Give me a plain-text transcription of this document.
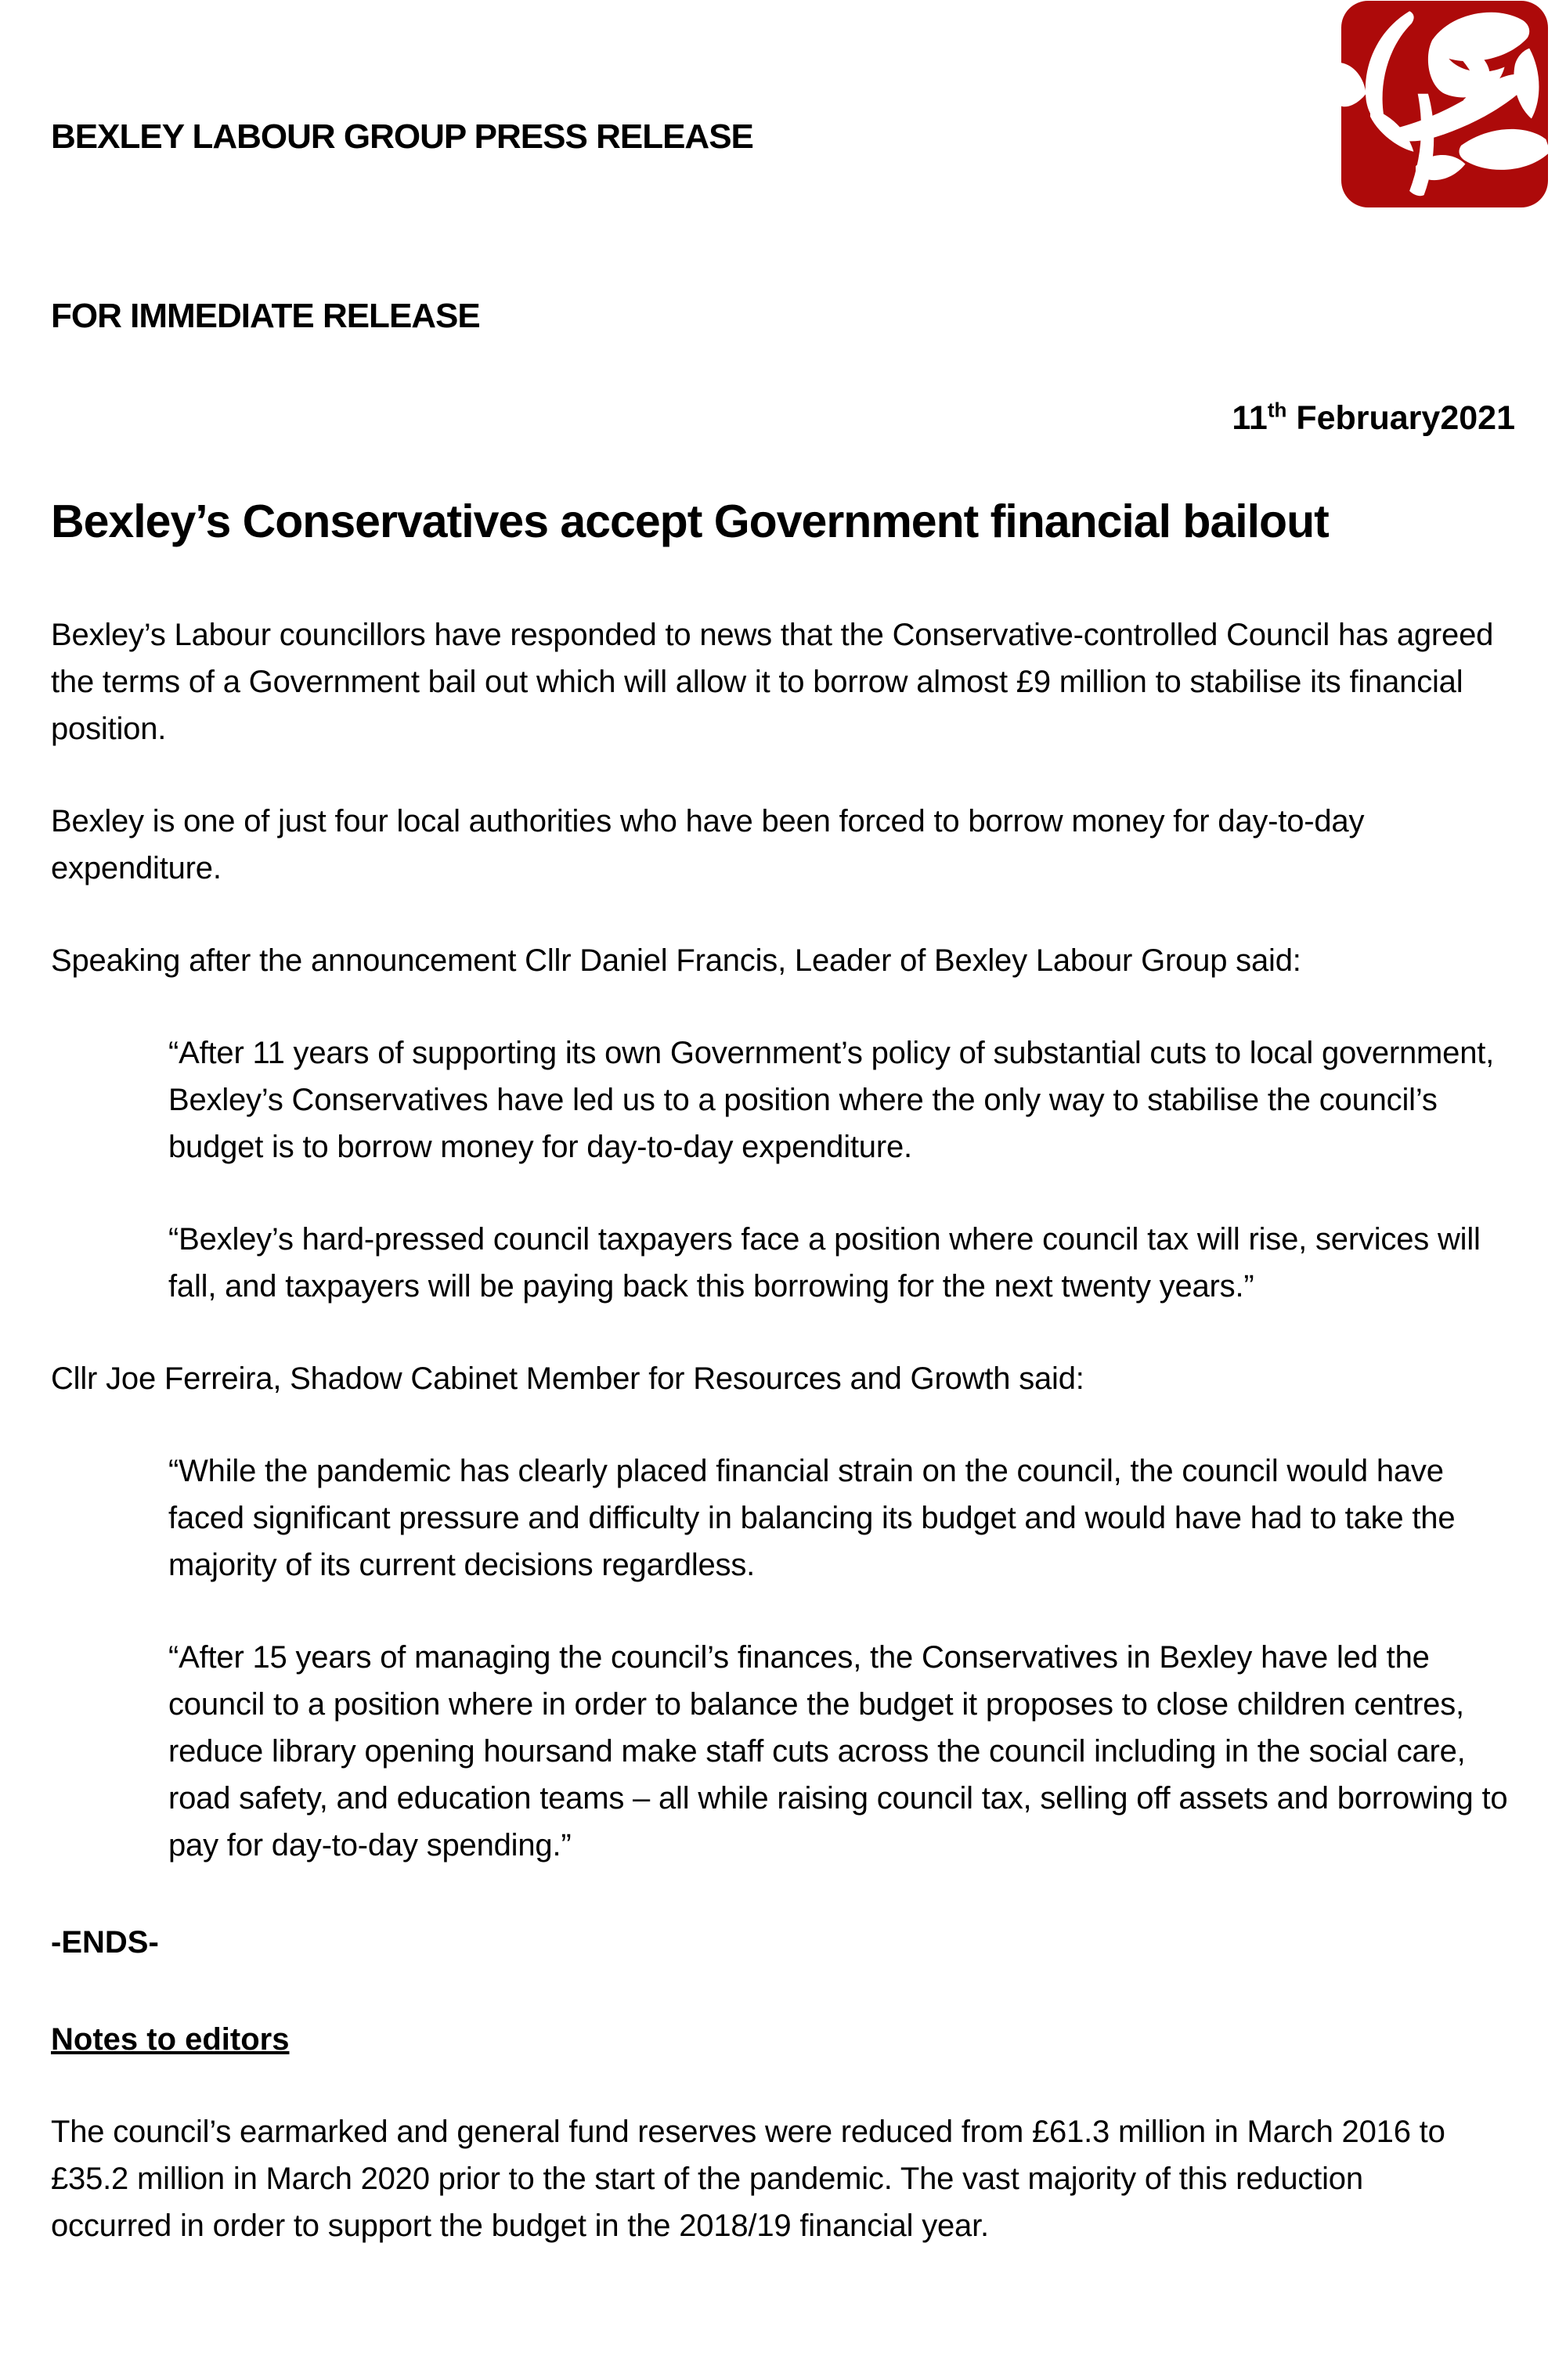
BEXLEY LABOUR GROUP PRESS RELEASE
FOR IMMEDIATE RELEASE
11th February2021
Bexley’s Conservatives accept Government financial bailout

Bexley’s Labour councillors have responded to news that the Conservative-controlled Council has agreed the terms of a Government bail out which will allow it to borrow almost £9 million to stabilise its financial position.

Bexley is one of just four local authorities who have been forced to borrow money for day-to-day expenditure.

Speaking after the announcement Cllr Daniel Francis, Leader of Bexley Labour Group said:

“After 11 years of supporting its own Government’s policy of substantial cuts to local government, Bexley’s Conservatives have led us to a position where the only way to stabilise the council’s budget is to borrow money for day-to-day expenditure.

“Bexley’s hard-pressed council taxpayers face a position where council tax will rise, services will fall, and taxpayers will be paying back this borrowing for the next twenty years.”

Cllr Joe Ferreira, Shadow Cabinet Member for Resources and Growth said:

“While the pandemic has clearly placed financial strain on the council, the council would have faced significant pressure and difficulty in balancing its budget and would have had to take the majority of its current decisions regardless.

“After 15 years of managing the council’s finances, the Conservatives in Bexley have led the council to a position where in order to balance the budget it proposes to close children centres, reduce library opening hoursand make staff cuts across the council including in the social care, road safety, and education teams – all while raising council tax, selling off assets and borrowing to pay for day-to-day spending.”

-ENDS-
Notes to editors

The council’s earmarked and general fund reserves were reduced from £61.3 million in March 2016 to £35.2 million in March 2020 prior to the start of the pandemic. The vast majority of this reduction occurred in order to support the budget in the 2018/19 financial year.
